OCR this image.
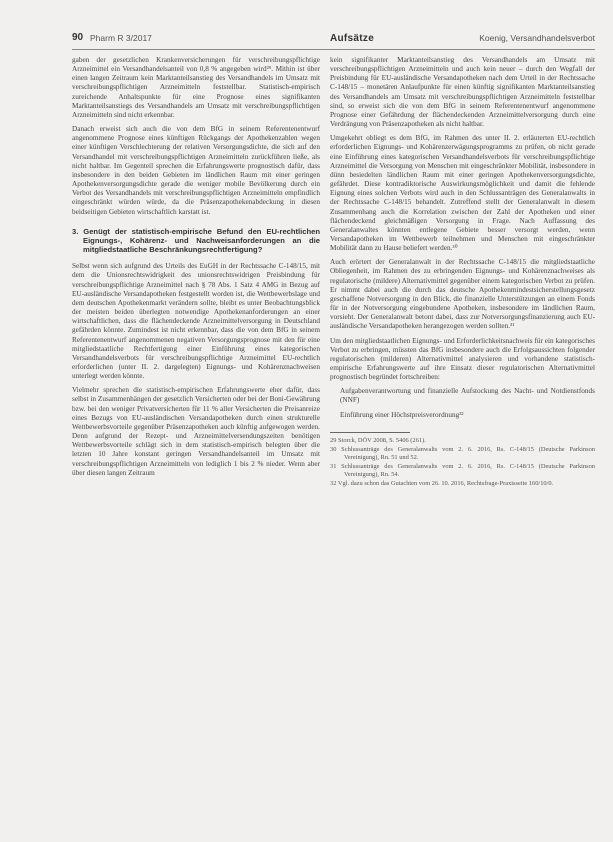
90 Pharm R 3/2017	Aufsätze	Koenig, Versandhandelsverbot

gaben der gesetzlichen Krankenversicherungen für verschreibungspflichtige Arzneimittel ein Versandhandelsanteil von 0,8 % angegeben wird²⁹. Mithin ist über einen langen Zeitraum kein Marktanteilsanstieg des Versandhandels im Umsatz mit verschreibungspflichtigen Arzneimitteln feststellbar. Statistisch-empirisch zureichende Anhaltspunkte für eine Prognose eines signifikanten Marktanteilsanstiegs des Versandhandels am Umsatz mit verschreibungspflichtigen Arzneimitteln sind nicht erkennbar.

Danach erweist sich auch die von dem BfG in seinem Referentenentwurf angenommene Prognose eines künftigen Rückgangs der Apothekenzahlen wegen einer künftigen Verschlechterung der relativen Versorgungsdichte, die sich auf den Versandhandel mit verschreibungspflichtigen Arzneimitteln zurückführen ließe, als nicht haltbar. Im Gegenteil sprechen die Erfahrungswerte prognostisch dafür, dass insbesondere in den beiden Gebieten im ländlichen Raum mit einer geringen Apothekenversorgungsdichte gerade die weniger mobile Bevölkerung durch ein Verbot des Versandhandels mit verschreibungspflichtigen Arzneimitteln empfindlich eingeschränkt würden würde, da die Präsenzapothekenabdeckung in diesen beidseitigen Gebieten wirtschaftlich karstatt ist.

3. Genügt der statistisch-empirische Befund den EU-rechtlichen Eignungs-, Kohärenz- und Nachweisanforderungen an die mitgliedstaatliche Beschränkungsrechtfertigung?

Selbst wenn sich aufgrund des Urteils des EuGH in der Rechtssache C-148/15, mit dem die Unionsrechtswidrigkeit des unionsrechtswidrigen Preisbindung für verschreibungspflichtige Arzneimittel nach § 78 Abs. 1 Satz 4 AMG in Bezug auf EU-ausländische Versandapotheken festgestellt worden ist, die Wettbewerbslage und dem deutschen Apothekenmarkt verändern sollte, bleibt es unter Beobachtungsblick der meisten beiden überlegten notwendige Apothekenanforderungen an einer wirtschaftlichen, dass die flächendeckende Arzneimittelversorgung in Deutschland gefährden könnte. Zumindest ist nicht erkennbar, dass die von dem BfG in seinem Referentenentwurf angenommenen negativen Versorgungsprognose mit den für eine mitgliedstaatliche Rechtfertigung einer Einführung eines kategorischen Versandhandelsverbots für verschreibungspflichtige Arzneimittel EU-rechtlich erforderlichen (unter II. 2. dargelegten) Eignungs- und Kohärenznachweisen unterlegt werden könnte.

Vielmehr sprechen die statistisch-empirischen Erfahrungswerte eher dafür, dass selbst in Zusammenhängen der gesetzlich Versicherten oder bei der Boni-Gewährung bzw. bei den weniger Privatversicherten für 11 % aller Versicherten die Preisanreize eines Bezugs von EU-ausländischen Versandapotheken durch einen strukturelle Wettbewerbsvorteile gegenüber Präsenzapotheken auch künftig aufgewogen werden. Denn aufgrund der Rezept- und Arzneimittelversendungszeiten benötigen Wettbewerbsvorteile schlägt sich in dem statistisch-empirisch belegten über die letzten 10 Jahre konstant geringen Versandhandelsanteil im Umsatz mit verschreibungspflichtigen Arzneimitteln von lediglich 1 bis 2 % nieder. Wenn aber über diesen langen Zeitraum

kein signifikanter Marktanteilsanstieg des Versandhandels am Umsatz mit verschreibungspflichtigen Arzneimitteln und auch kein neuer – durch den Wegfall der Preisbindung für EU-ausländische Versandapotheken nach dem Urteil in der Rechtssache C-148/15 – monetären Anlaufpunkte für einen künftig signifikanten Marktanteilsanstieg des Versandhandels am Umsatz mit verschreibungspflichtigen Arzneimitteln feststellbar sind, so erweist sich die von dem BfG in seinem Referentenentwurf angenommene Prognose einer Gefährdung der flächendeckenden Arzneimittelversorgung durch eine Verdrängung von Präsenzapotheken als nicht haltbar.

Umgekehrt obliegt es dem BfG, im Rahmen des unter II. 2. erläuterten EU-rechtlich erforderlichen Eignungs- und Kohärenzerwägungsprogramms zu prüfen, ob nicht gerade eine Einführung eines kategorischen Versandhandelsverbots für verschreibungspflichtige Arzneimittel die Versorgung von Menschen mit eingeschränkter Mobilität, insbesondere in dünn besiedelten ländlichen Raum mit einer geringen Apothekenversorgungsdichte, gefährdet. Diese kontradiktorische Auswirkungsmöglichkeit und damit die fehlende Eignung eines solchen Verbots wird auch in den Schlussanträgen des Generalanwalts in der Rechtssache C-148/15 behandelt. Zutreffend stellt der Generalanwalt in diesem Zusammenhang auch die Korrelation zwischen der Zahl der Apotheken und einer flächendeckend gleichmäßigen Versorgung in Frage. Nach Auffassung des Generalanwaltes könnten entlegene Gebiete besser versorgt werden, wenn Versandapotheken im Wettbewerb teilnehmen und Menschen mit eingeschränkter Mobilität dann zu Hause beliefert werden.³⁰

Auch erörtert der Generalanwalt in der Rechtssache C-148/15 die mitgliedstaatliche Obliegenheit, im Rahmen des zu erbringenden Eignungs- und Kohärenznachweises als regulatorische (mildere) Alternativmittel gegenüber einem kategorischen Verbot zu prüfen. Er nimmt dabei auch die durch das deutsche Apothekenmindestsicherstellungsgesetz geschaffene Notversorgung in den Blick, die finanzielle Unterstützungen an einem Fonds für in der Notversorgung eingebundene Apotheken, insbesondere im ländlichen Raum, vorsieht. Der Generalanwalt betont dabei, dass zur Notversorgungsfinanzierung auch EU-ausländische Versandapotheken herangezogen werden sollten.³¹

Um den mitgliedstaatlichen Eignungs- und Erforderlichkeitsnachweis für ein kategorisches Verbot zu erbringen, müssten das BfG insbesondere auch die Erfolgsaussichten folgender regulatorischen (milderen) Alternativmittel analysieren und vorhandene statistisch-empirische Erfahrungswerte auf ihre Einsatz dieser regulatorischen Alternativmittel prognostisch begründet fortschreiben:

Aufgabenverantwortung und finanzielle Aufstockung des Nacht- und Notdienstfonds (NNF)

Einführung einer Höchstpreisverordnung³²

29 Storck, DÖV 2008, S. 5406 (261).
30 Schlussanträge des Generalanwalts vom 2. 6. 2016, Rs. C-148/15 (Deutsche Parkinson Vereinigung), Rn. 51 und 52.
31 Schlussanträge des Generalanwalts vom 2. 6. 2016, Rs. C-148/15 (Deutsche Parkinson Vereinigung), Rn. 54.
32 Vgl. dazu schon das Gutachten vom 26. 10. 2016, Rechtsfrage-Praxisseite 160/10/0.
